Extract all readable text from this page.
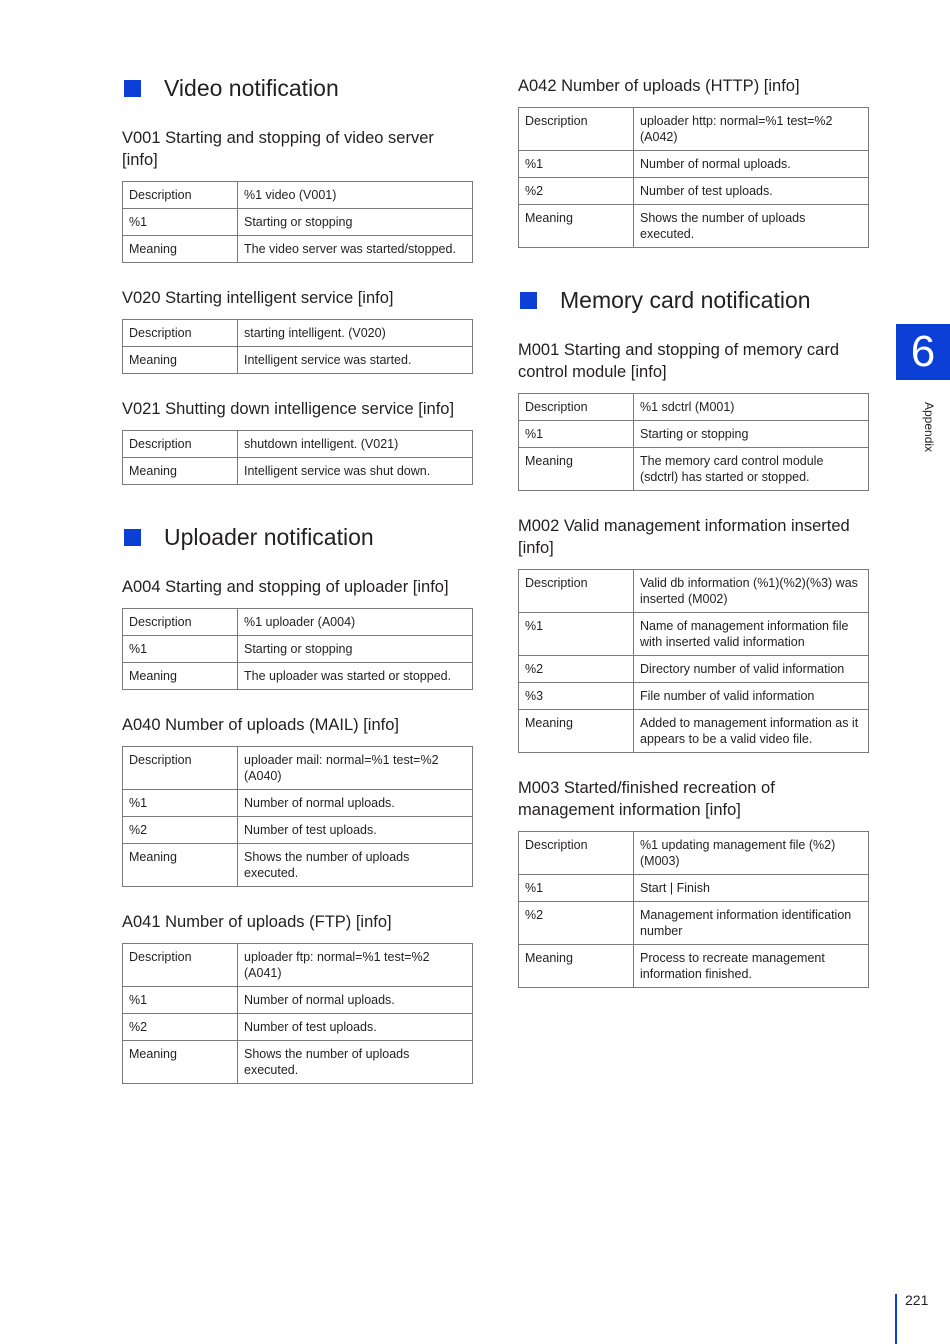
Video notification
V001 Starting and stopping of video server [info]
Description	%1 video (V001)
%1	Starting or stopping
Meaning	The video server was started/stopped.
V020 Starting intelligent service [info]
Description	starting intelligent. (V020)
Meaning	Intelligent service was started.
V021 Shutting down intelligence service [info]
Description	shutdown intelligent. (V021)
Meaning	Intelligent service was shut down.
Uploader notification
A004 Starting and stopping of uploader [info]
Description	%1 uploader (A004)
%1	Starting or stopping
Meaning	The uploader was started or stopped.
A040 Number of uploads (MAIL) [info]
Description	uploader mail: normal=%1 test=%2 (A040)
%1	Number of normal uploads.
%2	Number of test uploads.
Meaning	Shows the number of uploads executed.
A041 Number of uploads (FTP) [info]
Description	uploader ftp: normal=%1 test=%2 (A041)
%1	Number of normal uploads.
%2	Number of test uploads.
Meaning	Shows the number of uploads executed.
A042 Number of uploads (HTTP) [info]
Description	uploader http: normal=%1 test=%2 (A042)
%1	Number of normal uploads.
%2	Number of test uploads.
Meaning	Shows the number of uploads executed.
Memory card notification
M001 Starting and stopping of memory card control module [info]
Description	%1 sdctrl (M001)
%1	Starting or stopping
Meaning	The memory card control module (sdctrl) has started or stopped.
M002 Valid management information inserted [info]
Description	Valid db information (%1)(%2)(%3) was inserted (M002)
%1	Name of management information file with inserted valid information
%2	Directory number of valid information
%3	File number of valid information
Meaning	Added to management information as it appears to be a valid video file.
M003 Started/finished recreation of management information [info]
Description	%1 updating management file (%2)(M003)
%1	Start | Finish
%2	Management information identification number
Meaning	Process to recreate management information finished.
6
Appendix
221
